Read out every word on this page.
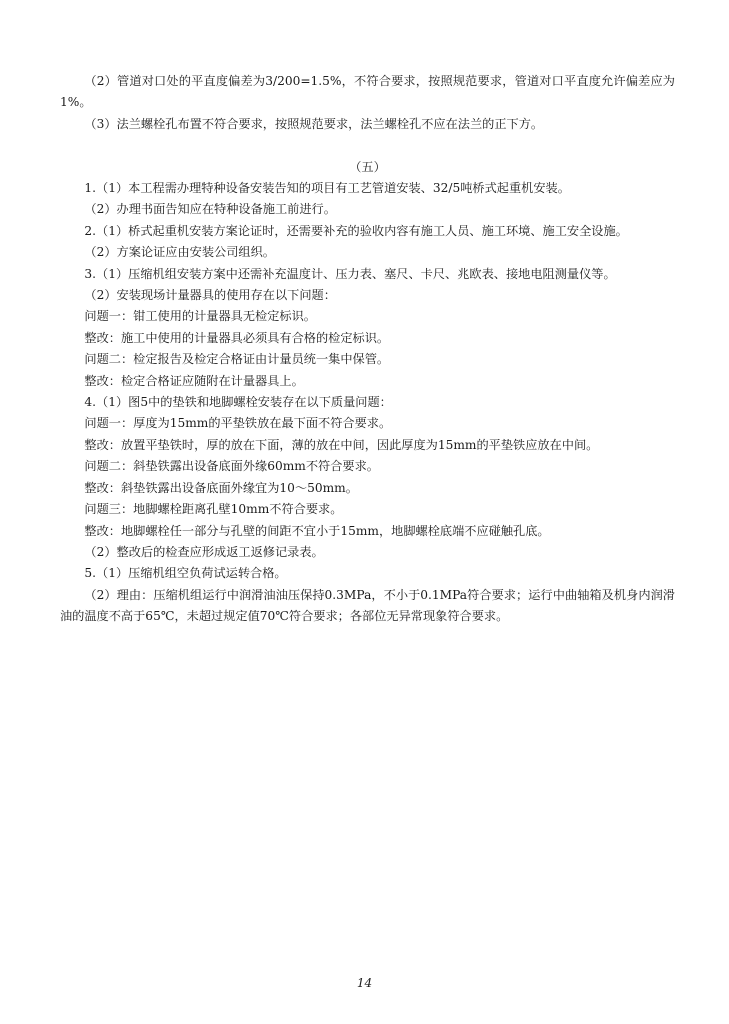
（2）管道对口处的平直度偏差为3/200=1.5%，不符合要求，按照规范要求，管道对口平直度允许偏差应为1%。

（3）法兰螺栓孔布置不符合要求，按照规范要求，法兰螺栓孔不应在法兰的正下方。

（五）

1.（1）本工程需办理特种设备安装告知的项目有工艺管道安装、32/5吨桥式起重机安装。

（2）办理书面告知应在特种设备施工前进行。

2.（1）桥式起重机安装方案论证时，还需要补充的验收内容有施工人员、施工环境、施工安全设施。

（2）方案论证应由安装公司组织。

3.（1）压缩机组安装方案中还需补充温度计、压力表、塞尺、卡尺、兆欧表、接地电阻测量仪等。

（2）安装现场计量器具的使用存在以下问题：

问题一：钳工使用的计量器具无检定标识。

整改：施工中使用的计量器具必须具有合格的检定标识。

问题二：检定报告及检定合格证由计量员统一集中保管。

整改：检定合格证应随附在计量器具上。

4.（1）图5中的垫铁和地脚螺栓安装存在以下质量问题：

问题一：厚度为15mm的平垫铁放在最下面不符合要求。

整改：放置平垫铁时，厚的放在下面，薄的放在中间，因此厚度为15mm的平垫铁应放在中间。

问题二：斜垫铁露出设备底面外缘60mm不符合要求。

整改：斜垫铁露出设备底面外缘宜为10～50mm。

问题三：地脚螺栓距离孔壁10mm不符合要求。

整改：地脚螺栓任一部分与孔壁的间距不宜小于15mm，地脚螺栓底端不应碰触孔底。

（2）整改后的检查应形成返工返修记录表。

5.（1）压缩机组空负荷试运转合格。

（2）理由：压缩机组运行中润滑油油压保持0.3MPa，不小于0.1MPa符合要求；运行中曲轴箱及机身内润滑油的温度不高于65℃，未超过规定值70℃符合要求；各部位无异常现象符合要求。

14
